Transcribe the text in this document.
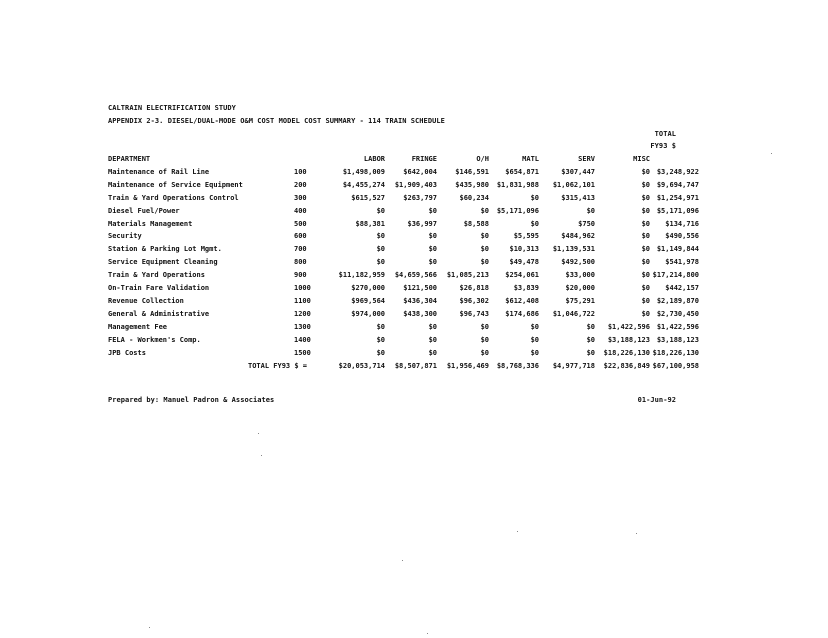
CALTRAIN ELECTRIFICATION STUDY
APPENDIX 2-3. DIESEL/DUAL-MODE O&M COST MODEL COST SUMMARY - 114 TRAIN SCHEDULE
TOTAL
FY93 $
DEPARTMENT		LABOR	FRINGE	O/H	MATL	SERV	MISC	
Maintenance of Rail Line	100	$1,498,009	$642,004	$146,591	$654,871	$307,447	$0	$3,248,922
Maintenance of Service Equipment	200	$4,455,274	$1,909,403	$435,980	$1,831,988	$1,062,101	$0	$9,694,747
Train & Yard Operations Control	300	$615,527	$263,797	$60,234	$0	$315,413	$0	$1,254,971
Diesel Fuel/Power	400	$0	$0	$0	$5,171,096	$0	$0	$5,171,096
Materials Management	500	$88,381	$36,997	$8,588	$0	$750	$0	$134,716
Security	600	$0	$0	$0	$5,595	$484,962	$0	$490,556
Station & Parking Lot Mgmt.	700	$0	$0	$0	$10,313	$1,139,531	$0	$1,149,844
Service Equipment Cleaning	800	$0	$0	$0	$49,478	$492,500	$0	$541,978
Train & Yard Operations	900	$11,182,959	$4,659,566	$1,085,213	$254,061	$33,000	$0	$17,214,800
On-Train Fare Validation	1000	$270,000	$121,500	$26,818	$3,839	$20,000	$0	$442,157
Revenue Collection	1100	$969,564	$436,304	$96,302	$612,408	$75,291	$0	$2,189,870
General & Administrative	1200	$974,000	$438,300	$96,743	$174,686	$1,046,722	$0	$2,730,450
Management Fee	1300	$0	$0	$0	$0	$0	$1,422,596	$1,422,596
FELA - Workmen's Comp.	1400	$0	$0	$0	$0	$0	$3,188,123	$3,188,123
JPB Costs	1500	$0	$0	$0	$0	$0	$18,226,130	$18,226,130
TOTAL FY93 $ =		$20,053,714	$8,507,871	$1,956,469	$8,768,336	$4,977,718	$22,836,849	$67,100,958
Prepared by: Manuel Padron & Associates	01-Jun-92
